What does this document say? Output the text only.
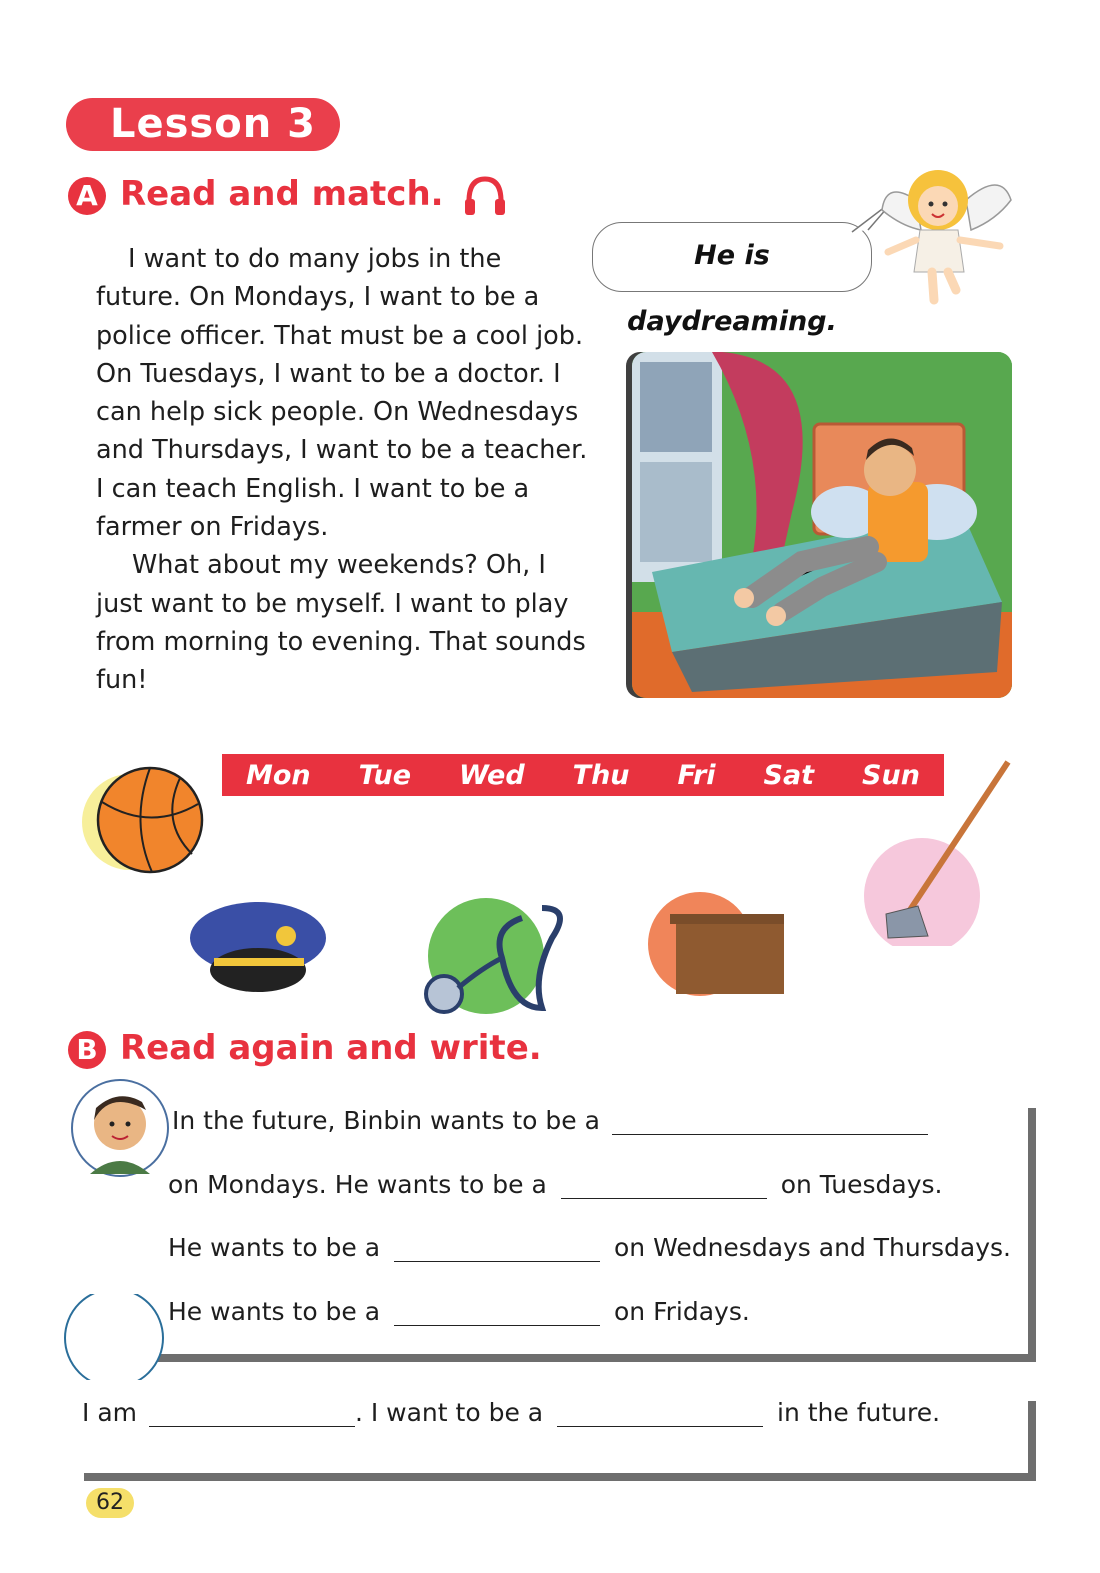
Lesson 3
A Read and match.
I want to do many jobs in the
future. On Mondays, I want to be a
police officer. That must be a cool job.
On Tuesdays, I want to be a doctor. I
can help sick people. On Wednesdays
and Thursdays, I want to be a teacher.
I can teach English. I want to be a
farmer on Fridays.
What about my weekends? Oh, I
just want to be myself. I want to play
from morning to evening. That sounds
fun!
He is daydreaming.
Mon Tue Wed Thu Fri Sat Sun
B Read again and write.
In the future, Binbin wants to be a
on Mondays. He wants to be a	on Tuesdays.
He wants to be a	on Wednesdays and Thursdays.
He wants to be a	on Fridays.
I am	. I want to be a	in the future.
62
